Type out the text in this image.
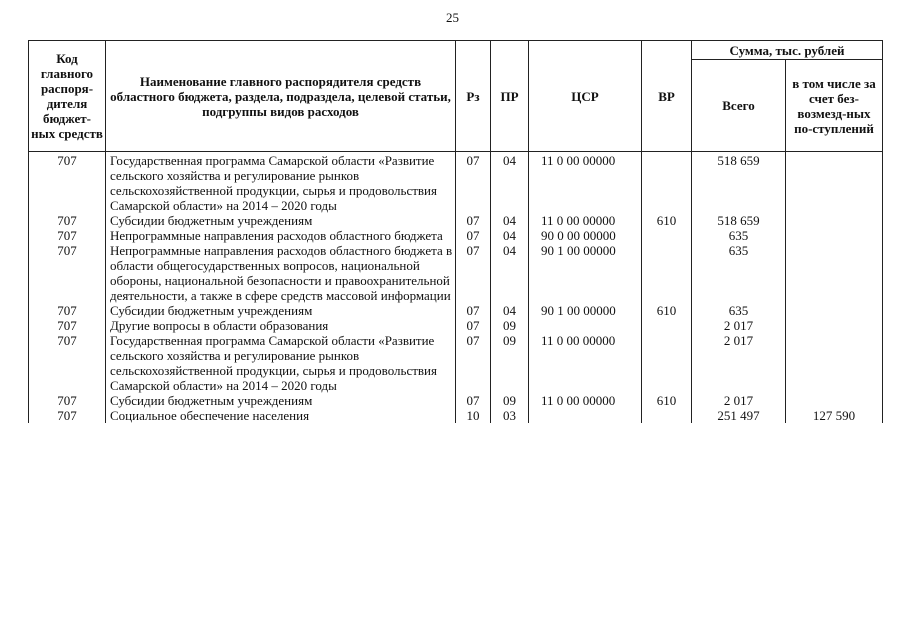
25
Код главного распоря-дителя бюджет-ных средств	Наименование главного распорядителя средств областного бюджета, раздела, подраздела, целевой статьи, подгруппы видов расходов	Рз	ПР	ЦСР	ВР	Сумма, тыс. рублей	
						Всего	в том числе за счет без-возмезд-ных по-ступлений
707	Государственная программа Самарской области «Развитие сельского хозяйства и регулирование рынков сельскохозяйственной продукции, сырья и продовольствия Самарской области» на 2014 – 2020 годы	07	04	11 0 00 00000		518 659	
707	Субсидии бюджетным учреждениям	07	04	11 0 00 00000	610	518 659	
707	Непрограммные направления расходов областного бюджета	07	04	90 0 00 00000		635	
707	Непрограммные направления расходов областного бюджета в области общегосударственных вопросов, национальной обороны, национальной безопасности и правоохранительной деятельности, а также в сфере средств массовой информации	07	04	90 1 00 00000		635	
707	Субсидии бюджетным учреждениям	07	04	90 1 00 00000	610	635	
707	Другие вопросы в области образования	07	09			2 017	
707	Государственная программа Самарской области «Развитие сельского хозяйства и регулирование рынков сельскохозяйственной продукции, сырья и продовольствия Самарской области» на 2014 – 2020 годы	07	09	11 0 00 00000		2 017	
707	Субсидии бюджетным учреждениям	07	09	11 0 00 00000	610	2 017	
707	Социальное обеспечение населения	10	03			251 497	127 590
